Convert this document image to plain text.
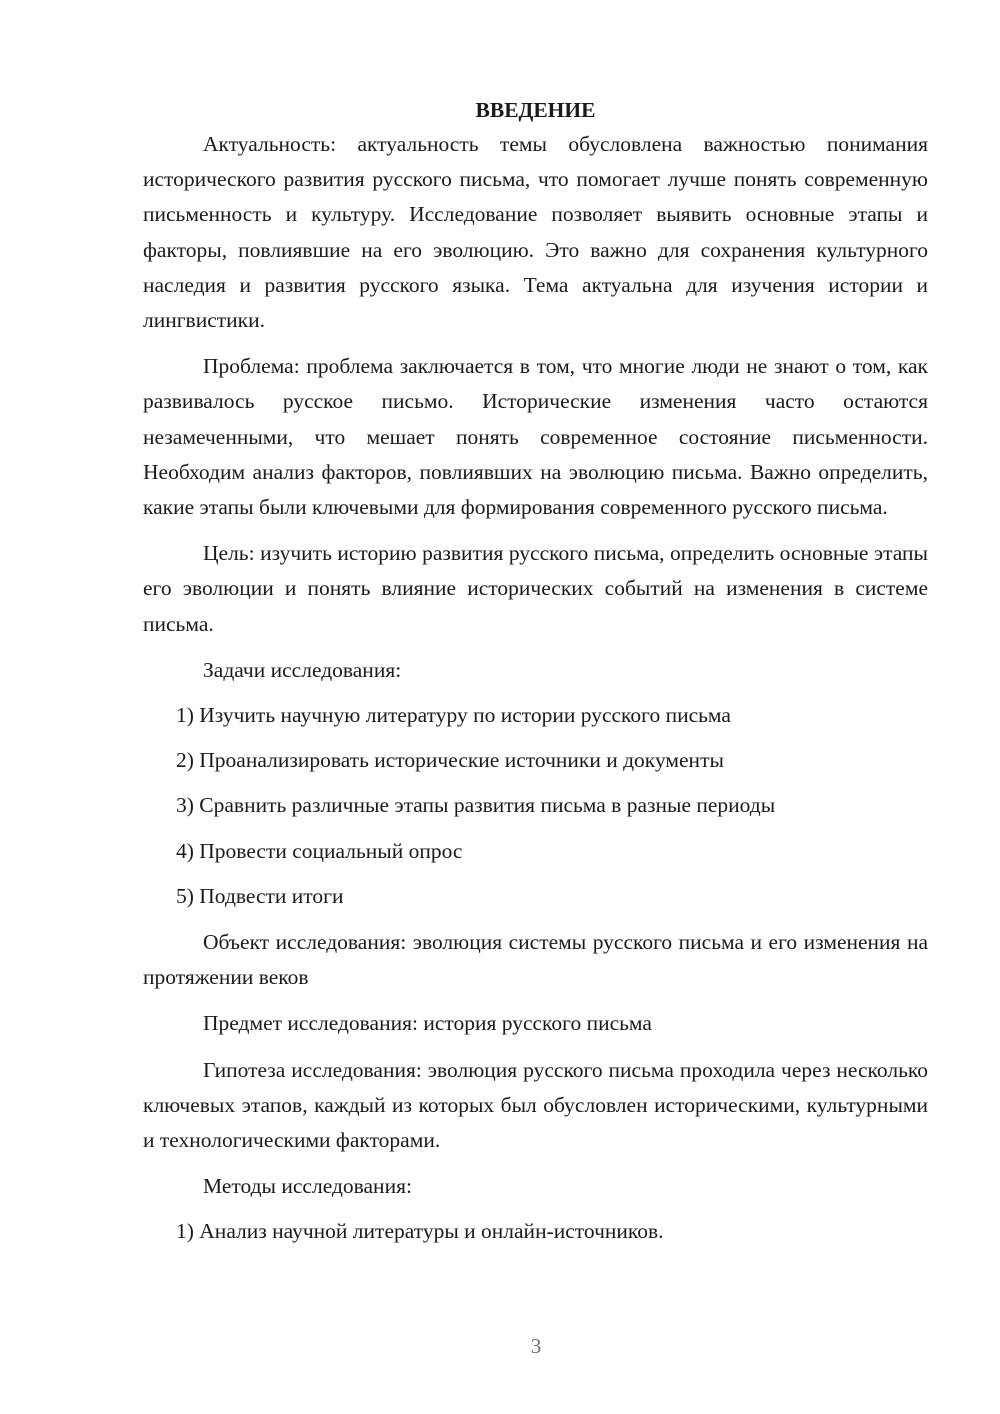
ВВЕДЕНИЕ

Актуальность: актуальность темы обусловлена важностью понимания исторического развития русского письма, что помогает лучше понять современную письменность и культуру. Исследование позволяет выявить основные этапы и факторы, повлиявшие на его эволюцию. Это важно для сохранения культурного наследия и развития русского языка. Тема актуальна для изучения истории и лингвистики.

Проблема: проблема заключается в том, что многие люди не знают о том, как развивалось русское письмо. Исторические изменения часто остаются незамеченными, что мешает понять современное состояние письменности. Необходим анализ факторов, повлиявших на эволюцию письма. Важно определить, какие этапы были ключевыми для формирования современного русского письма.

Цель: изучить историю развития русского письма, определить основные этапы его эволюции и понять влияние исторических событий на изменения в системе письма.

Задачи исследования:

1) Изучить научную литературу по истории русского письма

2) Проанализировать исторические источники и документы

3) Сравнить различные этапы развития письма в разные периоды

4) Провести социальный опрос

5) Подвести итоги

Объект исследования: эволюция системы русского письма и его изменения на протяжении веков

Предмет исследования: история русского письма

Гипотеза исследования: эволюция русского письма проходила через несколько ключевых этапов, каждый из которых был обусловлен историческими, культурными и технологическими факторами.

Методы исследования:

1) Анализ научной литературы и онлайн-источников.

3
